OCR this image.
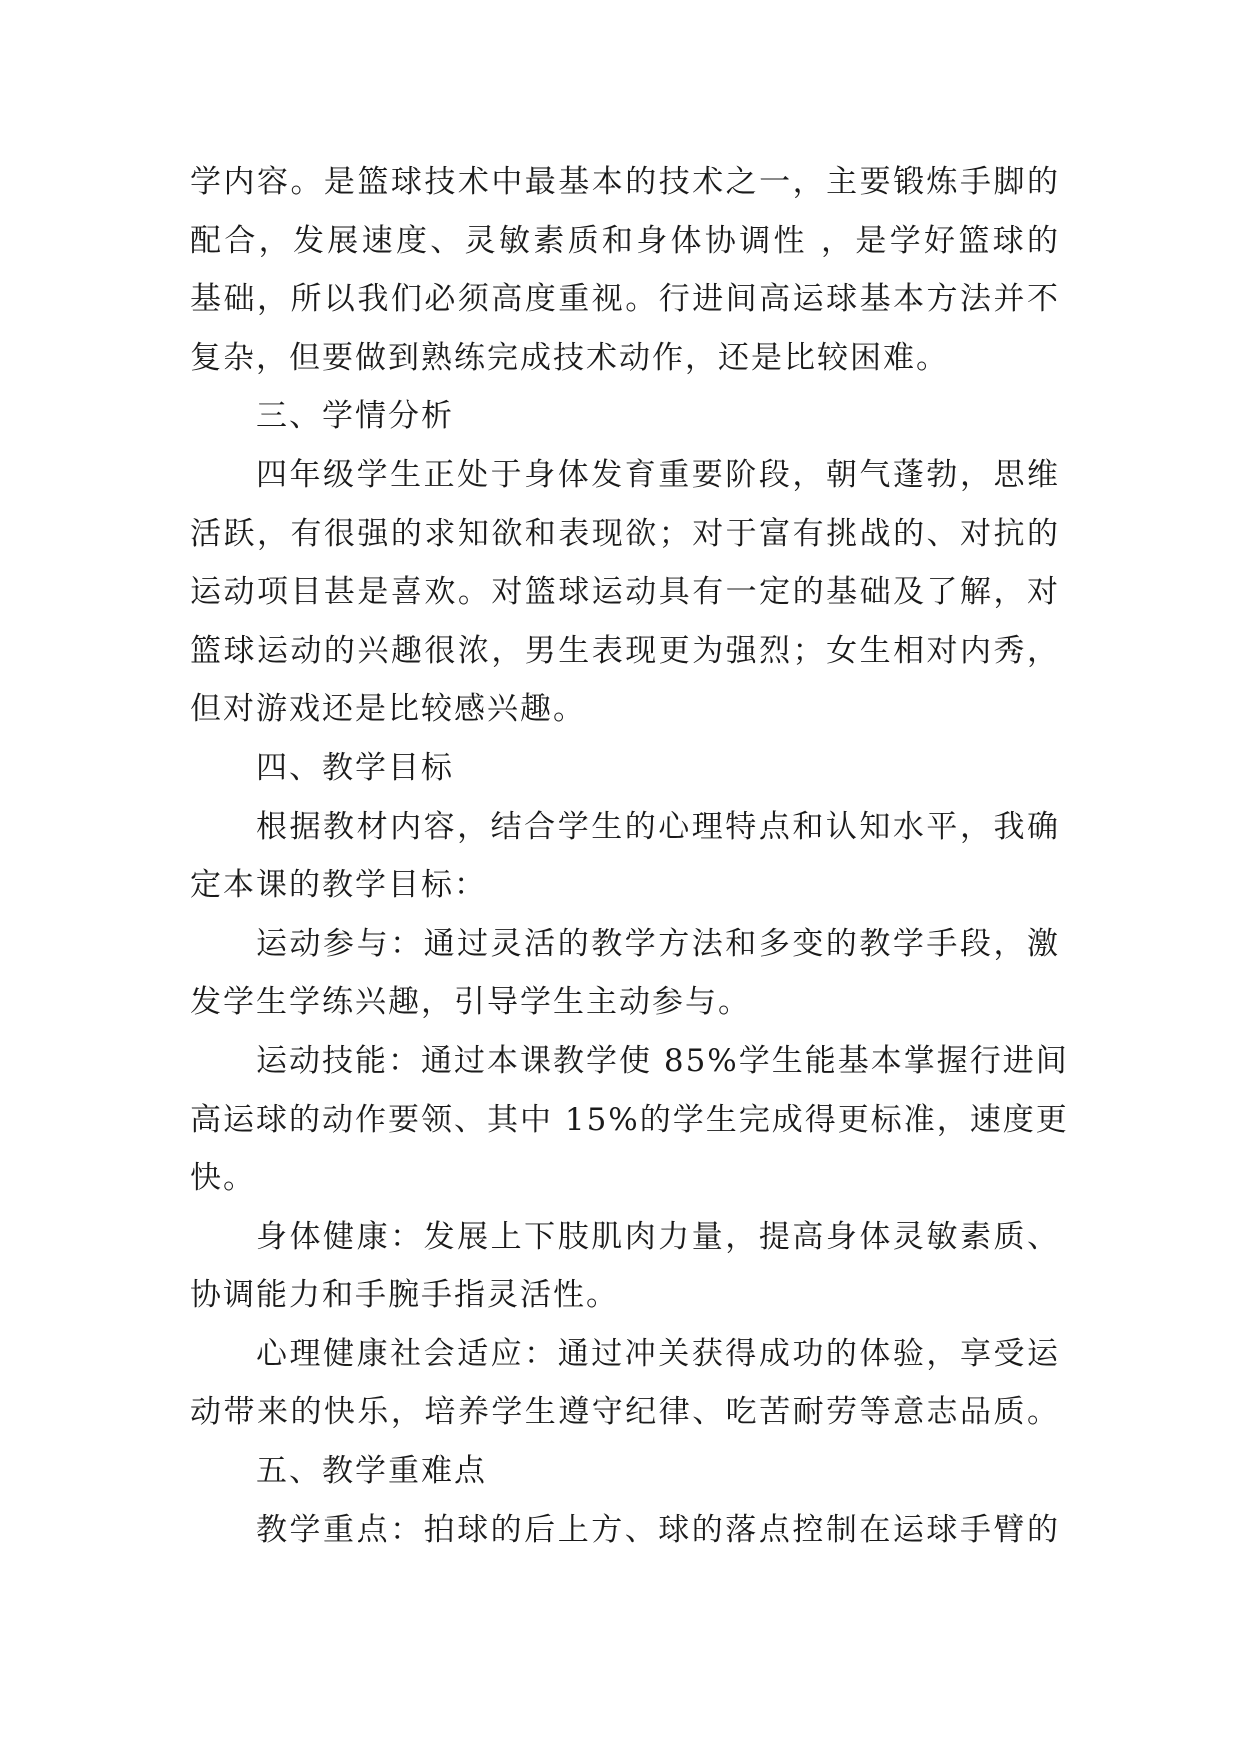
学内容。是篮球技术中最基本的技术之一，主要锻炼手脚的
配合，发展速度、灵敏素质和身体协调性 ，是学好篮球的
基础，所以我们必须高度重视。行进间高运球基本方法并不
复杂，但要做到熟练完成技术动作，还是比较困难。
三、学情分析
四年级学生正处于身体发育重要阶段，朝气蓬勃，思维
活跃，有很强的求知欲和表现欲；对于富有挑战的、对抗的
运动项目甚是喜欢。对篮球运动具有一定的基础及了解，对
篮球运动的兴趣很浓，男生表现更为强烈；女生相对内秀，
但对游戏还是比较感兴趣。
四、教学目标
根据教材内容，结合学生的心理特点和认知水平，我确
定本课的教学目标：
运动参与：通过灵活的教学方法和多变的教学手段，激
发学生学练兴趣，引导学生主动参与。
运动技能：通过本课教学使 85%学生能基本掌握行进间
高运球的动作要领、其中 15%的学生完成得更标准，速度更
快。
身体健康：发展上下肢肌肉力量，提高身体灵敏素质、
协调能力和手腕手指灵活性。
心理健康社会适应：通过冲关获得成功的体验，享受运
动带来的快乐，培养学生遵守纪律、吃苦耐劳等意志品质。
五、教学重难点
教学重点：拍球的后上方、球的落点控制在运球手臂的
